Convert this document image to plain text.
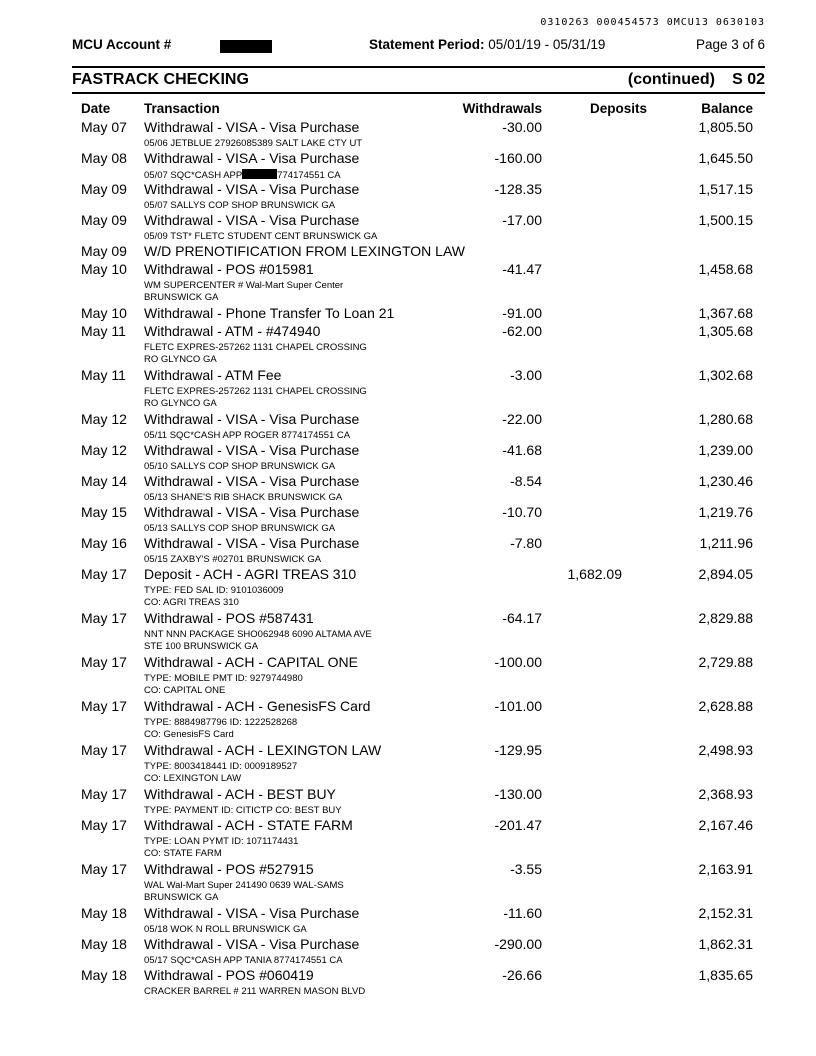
0310263 000454573 0MCU13 0630103
MCU Account #	Statement Period: 05/01/19 - 05/31/19	Page 3 of 6
FASTRACK CHECKING	(continued) S 02
Date Transaction	Withdrawals	Deposits	Balance
May 07 Withdrawal - VISA - Visa Purchase	-30.00	1,805.50
05/06 JETBLUE 27926085389 SALT LAKE CTY UT
May 08 Withdrawal - VISA - Visa Purchase	-160.00	1,645.50
05/07 SQC*CASH APP	774174551 CA
May 09 Withdrawal - VISA - Visa Purchase	-128.35	1,517.15
05/07 SALLYS COP SHOP BRUNSWICK GA
May 09 Withdrawal - VISA - Visa Purchase	-17.00	1,500.15
05/09 TST* FLETC STUDENT CENT BRUNSWICK GA
May 09 W/D PRENOTIFICATION FROM LEXINGTON LAW
May 10 Withdrawal - POS #015981	-41.47	1,458.68
WM SUPERCENTER # Wal-Mart Super Center
BRUNSWICK GA
May 10 Withdrawal - Phone Transfer To Loan 21	-91.00	1,367.68
May 11 Withdrawal - ATM - #474940	-62.00	1,305.68
FLETC EXPRES-257262 1131 CHAPEL CROSSING
RO GLYNCO GA
May 11 Withdrawal - ATM Fee	-3.00	1,302.68
FLETC EXPRES-257262 1131 CHAPEL CROSSING
RO GLYNCO GA
May 12 Withdrawal - VISA - Visa Purchase	-22.00	1,280.68
05/11 SQC*CASH APP ROGER 8774174551 CA
May 12 Withdrawal - VISA - Visa Purchase	-41.68	1,239.00
05/10 SALLYS COP SHOP BRUNSWICK GA
May 14 Withdrawal - VISA - Visa Purchase	-8.54	1,230.46
05/13 SHANE'S RIB SHACK BRUNSWICK GA
May 15 Withdrawal - VISA - Visa Purchase	-10.70	1,219.76
05/13 SALLYS COP SHOP BRUNSWICK GA
May 16 Withdrawal - VISA - Visa Purchase	-7.80	1,211.96
05/15 ZAXBY'S #02701 BRUNSWICK GA
May 17 Deposit - ACH - AGRI TREAS 310	1,682.09	2,894.05
TYPE: FED SAL ID: 9101036009
CO: AGRI TREAS 310
May 17 Withdrawal - POS #587431	-64.17	2,829.88
NNT NNN PACKAGE SHO062948 6090 ALTAMA AVE
STE 100 BRUNSWICK GA
May 17 Withdrawal - ACH - CAPITAL ONE	-100.00	2,729.88
TYPE: MOBILE PMT ID: 9279744980
CO: CAPITAL ONE
May 17 Withdrawal - ACH - GenesisFS Card	-101.00	2,628.88
TYPE: 8884987796 ID: 1222528268
CO: GenesisFS Card
May 17 Withdrawal - ACH - LEXINGTON LAW	-129.95	2,498.93
TYPE: 8003418441 ID: 0009189527
CO: LEXINGTON LAW
May 17 Withdrawal - ACH - BEST BUY	-130.00	2,368.93
TYPE: PAYMENT ID: CITICTP CO: BEST BUY
May 17 Withdrawal - ACH - STATE FARM	-201.47	2,167.46
TYPE: LOAN PYMT ID: 1071174431
CO: STATE FARM
May 17 Withdrawal - POS #527915	-3.55	2,163.91
WAL Wal-Mart Super 241490 0639 WAL-SAMS
BRUNSWICK GA
May 18 Withdrawal - VISA - Visa Purchase	-11.60	2,152.31
05/18 WOK N ROLL BRUNSWICK GA
May 18 Withdrawal - VISA - Visa Purchase	-290.00	1,862.31
05/17 SQC*CASH APP TANIA 8774174551 CA
May 18 Withdrawal - POS #060419	-26.66	1,835.65
CRACKER BARREL # 211 WARREN MASON BLVD
